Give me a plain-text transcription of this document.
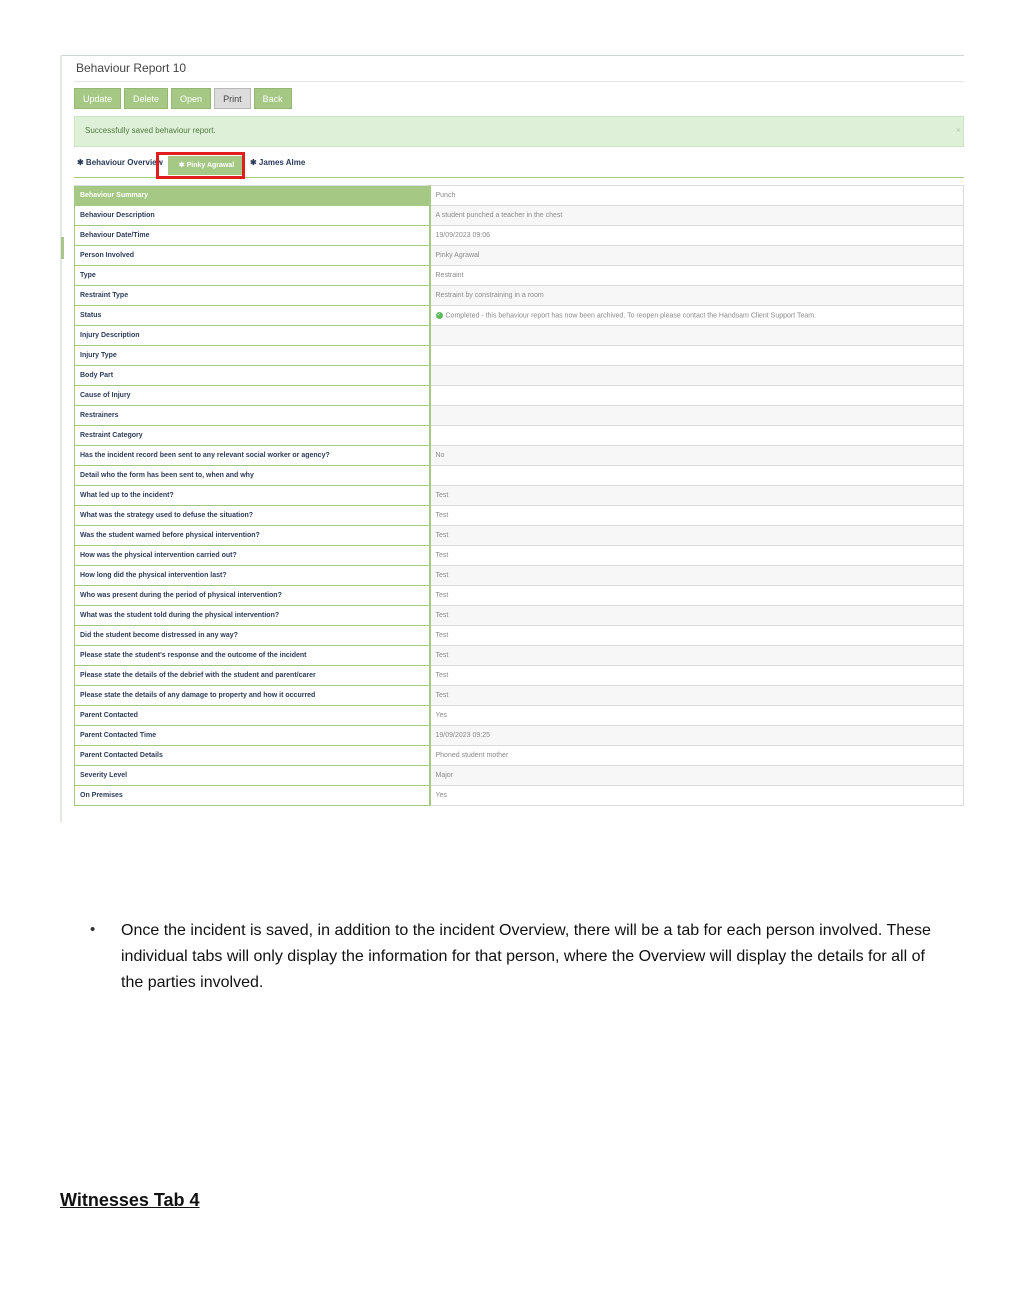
Behaviour Report 10
Update	Delete	Open	Print	Back
Successfully saved behaviour report.	×
✱ Behaviour Overview	✱ Pinky Agrawal	✱ James Alme
Behaviour Summary	Punch
Behaviour Description	A student punched a teacher in the chest
Behaviour Date/Time	19/09/2023 09:06
Person Involved	Pinky Agrawal
Type	Restraint
Restraint Type	Restraint by constraining in a room
Status	✓ Completed - this behaviour report has now been archived. To reopen please contact the Handsam Client Support Team.
Injury Description	
Injury Type	
Body Part	
Cause of Injury	
Restrainers	
Restraint Category	
Has the incident record been sent to any relevant social worker or agency?	No
Detail who the form has been sent to, when and why	
What led up to the incident?	Test
What was the strategy used to defuse the situation?	Test
Was the student warned before physical intervention?	Test
How was the physical intervention carried out?	Test
How long did the physical intervention last?	Test
Who was present during the period of physical intervention?	Test
What was the student told during the physical intervention?	Test
Did the student become distressed in any way?	Test
Please state the student's response and the outcome of the incident	Test
Please state the details of the debrief with the student and parent/carer	Test
Please state the details of any damage to property and how it occurred	Test
Parent Contacted	Yes
Parent Contacted Time	19/09/2023 09:25
Parent Contacted Details	Phoned student mother
Severity Level	Major
On Premises	Yes
• Once the incident is saved, in addition to the incident Overview, there will be a tab for each person involved. These individual tabs will only display the information for that person, where the Overview will display the details for all of the parties involved.
Witnesses Tab 4
